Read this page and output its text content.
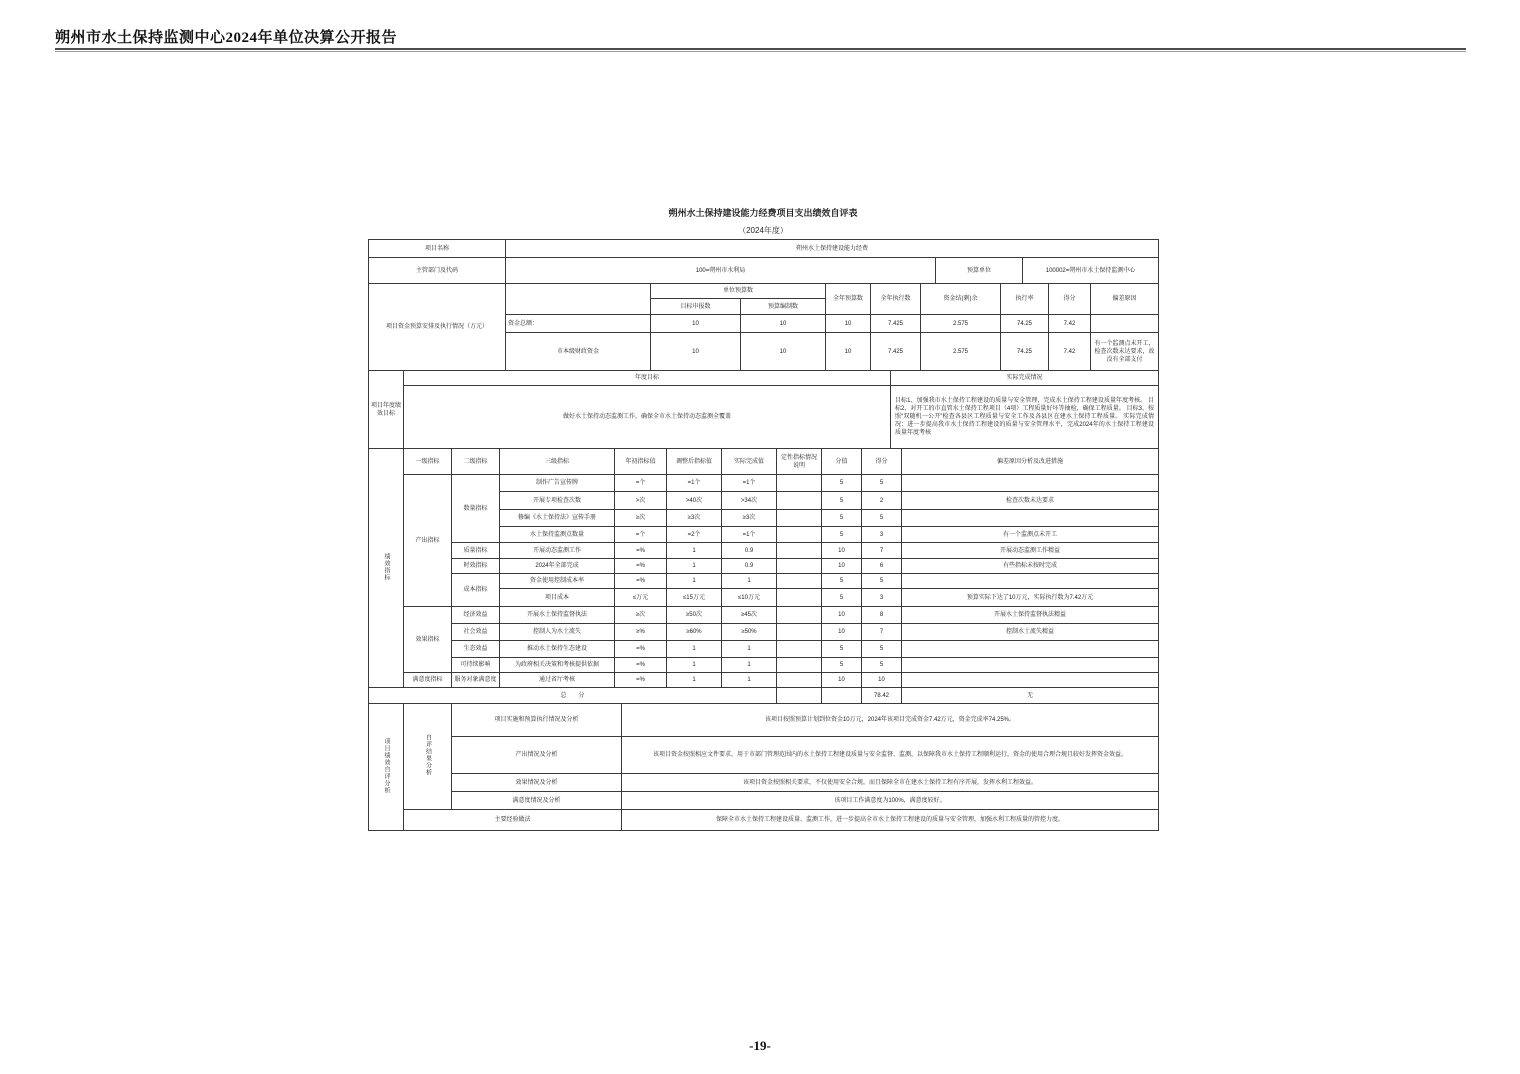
朔州市水土保持监测中心2024年单位决算公开报告
朔州水土保持建设能力经费项目支出绩效自评表
（2024年度）
项目名称	朔州水土保持建设能力经费		
主管部门及代码	100=朔州市水利局	预算单位	100002=朔州市水土保持监测中心
项目资金预算安排及执行情况（万元）		单位预算数		全年预算数	全年执行数	资金结(剩)余	执行率	得分	偏差原因
		目标申报数	预算编制数						
	资金总额：	10	10	10	7.425	2.575	74.25	7.42	
	市本级财政资金	10	10	10	7.425	2.575	74.25	7.42	有一个监测点未开工，检查次数未达要求，故没有全部支付
项目年度绩效目标	年度目标	实际完成情况
	做好水土保持动态监测工作，确保全市水土保持动态监测全覆盖	目标1、加强我市水土保持工程建设的质量与安全管理，完成水土保持工程建设质量年度考核。 目标2、对开工的市直管水土保持工程项目（4项）工程质量好坏等抽检，确保工程质量。 目标3、按照“双随机一公开”检查各县区工程质量与安全工作及各县区在建水土保持工程质量。 实际完成情况：进一步提高我市水土保持工程建设的质量与安全管理水平，完成2024年的水土保持工程建设质量年度考核
绩效指标	一级指标	二级指标	三级指标	年初指标值	调整后指标值	实际完成值	定性指标情况说明	分值	得分	偏差原因分析及改进措施
	产出指标	数量指标	制作广告宣传牌	=个	=1个	=1个		5	5	
			开展专项检查次数	>次	>40次	>34次		5	2	检查次数未达要求
			修编《水土保持法》宣传手册	≥次	≥3次	≥3次		5	5	
			水土保持监测点数量	=个	=2个	=1个		5	3	有一个监测点未开工
		质量指标	开展动态监测工作	=%	1	0.9		10	7	开展动态监测工作精益
		时效指标	2024年全部完成	=%	1	0.9		10	6	有些指标未按时完成
		成本指标	资金使用控制成本率	=%	1	1		5	5	
			项目成本	≤万元	≤15万元	≤10万元		5	3	预算实际下达了10万元，实际执行数为7.42万元
	效果指标	经济效益	开展水土保持监督执法	≥次	≥50次	≥45次		10	8	开展水土保持监督执法精益
		社会效益	控制人为水土流失	≥%	≥60%	≥50%		10	7	控制水土流失精益
		生态效益	推动水土保持生态建设	=%	1	1		5	5	
		可持续影响	为政府相关决策和考核提供依据	=%	1	1		5	5	
	满意度指标	服务对象满意度	通过省厅考核	=%	1	1		10	10	
总　　分									78.42	无
项目绩效自评分析	自评结果分析	项目实施和预算执行情况及分析	该项目按照预算计划到位资金10万元，2024年该项目完成资金7.42万元，资金完成率74.25%。
		产出情况及分析	该项目资金按照相应文件要求，用于市部门管理范围内的水土保持工程建设质量与安全监督、监测，以保障我市水土保持工程顺利运行，资金的使用合理合规且较好发挥资金效益。
		效果情况及分析	该项目资金按照相关要求，不仅使用安全合规，而且保障全市在建水土保持工程有序开展，发挥水利工程效益。
		满意度情况及分析	该项目工作满意度为100%，满意度较好。
	主要经验做法		保障全市水土保持工程建设质量、监测工作，进一步提高全市水土保持工程建设的质量与安全管理，加强水利工程质量的管控力度。
-19-
